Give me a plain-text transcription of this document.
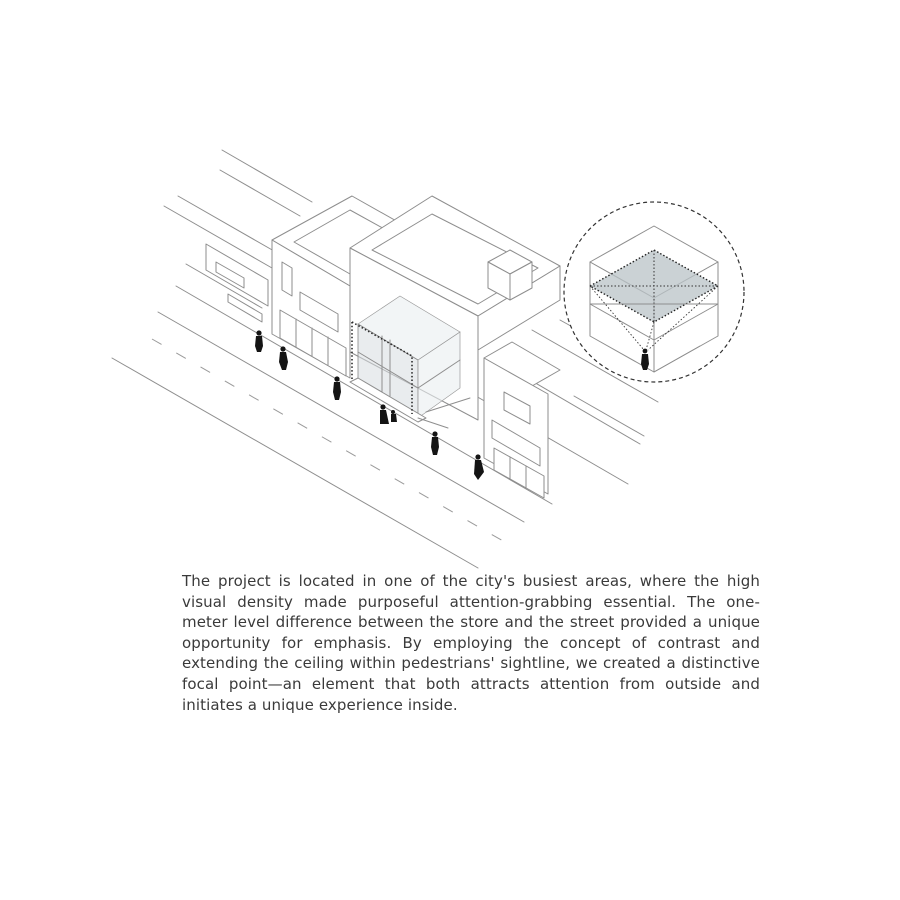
The project is located in one of the city's busiest areas, where the high visual density made purposeful attention-grabbing essential. The one-meter level difference between the store and the street provided a unique opportunity for emphasis. By employing the concept of contrast and extending the ceiling within pedestrians' sightline, we created a distinctive focal point—an element that both attracts attention from outside and initiates a unique experience inside.
